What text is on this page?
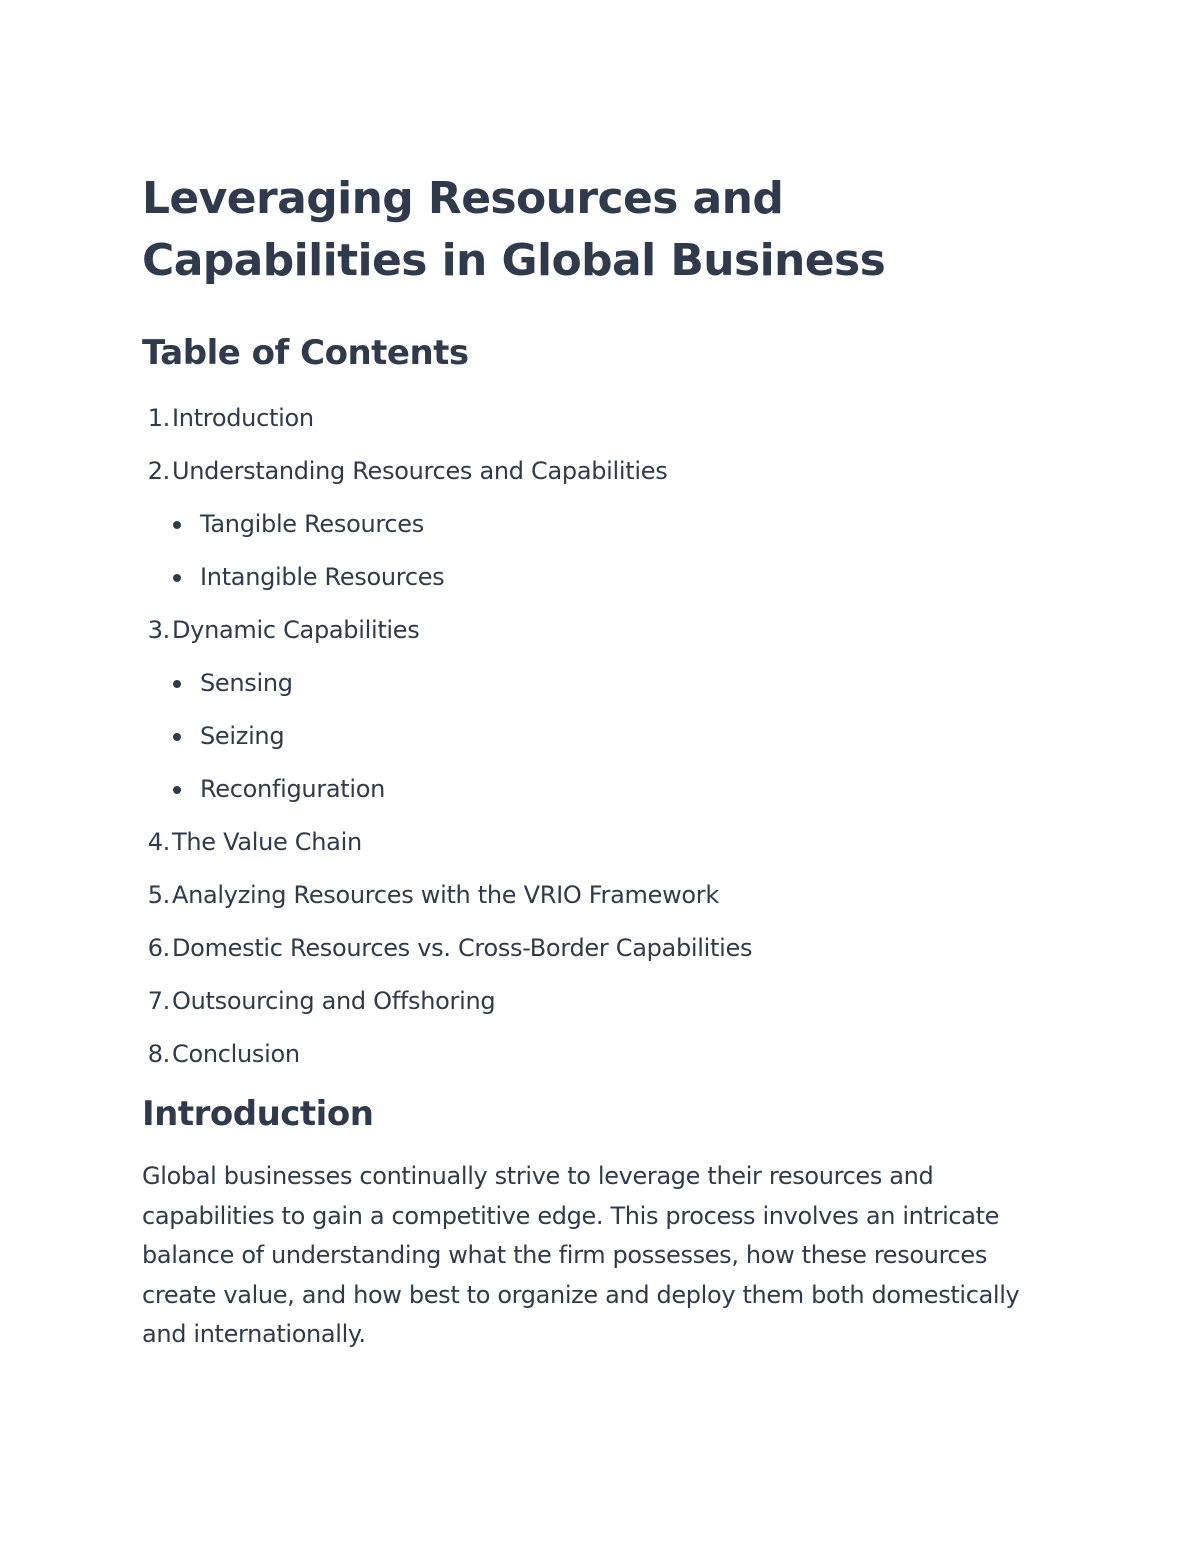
Leveraging Resources and Capabilities in Global Business
Table of Contents
1.Introduction
2.Understanding Resources and Capabilities
Tangible Resources
Intangible Resources
3.Dynamic Capabilities
Sensing
Seizing
Reconfiguration
4.The Value Chain
5.Analyzing Resources with the VRIO Framework
6.Domestic Resources vs. Cross-Border Capabilities
7.Outsourcing and Offshoring
8.Conclusion
Introduction

Global businesses continually strive to leverage their resources and capabilities to gain a competitive edge. This process involves an intricate balance of understanding what the firm possesses, how these resources create value, and how best to organize and deploy them both domestically and internationally.
